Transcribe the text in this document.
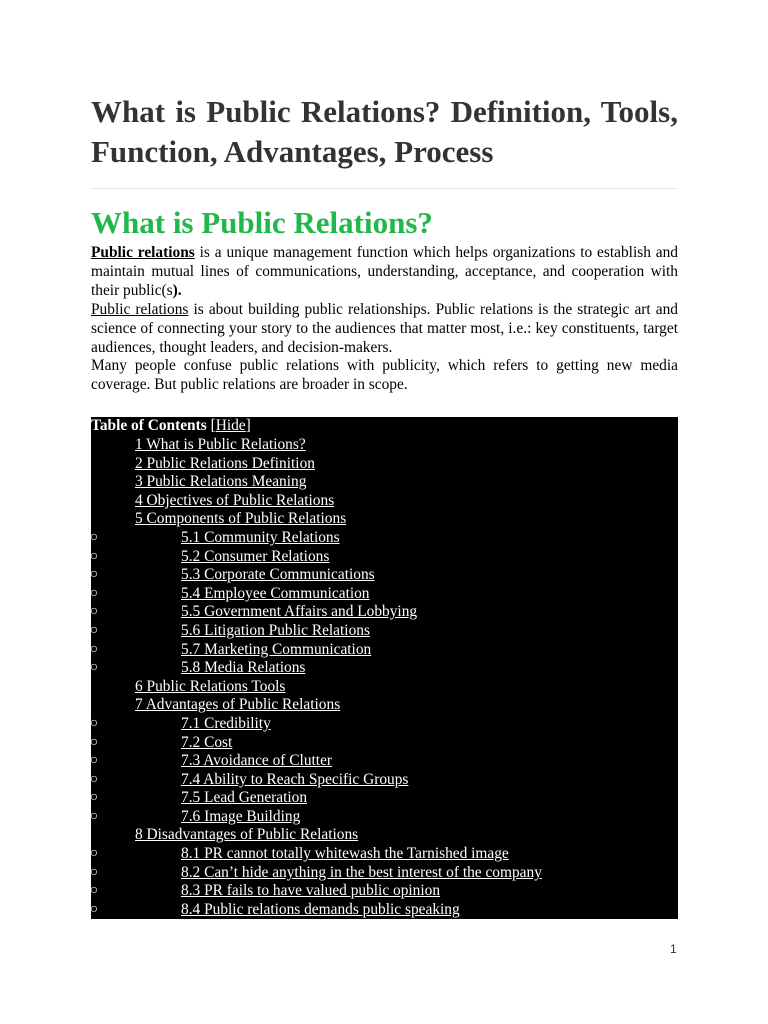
What is Public Relations? Definition, Tools, Function, Advantages, Process
What is Public Relations?

Public relations is a unique management function which helps organizations to establish and maintain mutual lines of communications, understanding, acceptance, and cooperation with their public(s).

Public relations is about building public relationships. Public relations is the strategic art and science of connecting your story to the audiences that matter most, i.e.: key constituents, target audiences, thought leaders, and decision-makers.

Many people confuse public relations with publicity, which refers to getting new media coverage. But public relations are broader in scope.

Table of Contents [Hide]
●	1 What is Public Relations?
●	2 Public Relations Definition
●	3 Public Relations Meaning
●	4 Objectives of Public Relations
●	5 Components of Public Relations
○	5.1 Community Relations
○	5.2 Consumer Relations
○	5.3 Corporate Communications
○	5.4 Employee Communication
○	5.5 Government Affairs and Lobbying
○	5.6 Litigation Public Relations
○	5.7 Marketing Communication
○	5.8 Media Relations
●	6 Public Relations Tools
●	7 Advantages of Public Relations
○	7.1 Credibility
○	7.2 Cost
○	7.3 Avoidance of Clutter
○	7.4 Ability to Reach Specific Groups
○	7.5 Lead Generation
○	7.6 Image Building
●	8 Disadvantages of Public Relations
○	8.1 PR cannot totally whitewash the Tarnished image
○	8.2 Can’t hide anything in the best interest of the company
○	8.3 PR fails to have valued public opinion
○	8.4 Public relations demands public speaking
1
